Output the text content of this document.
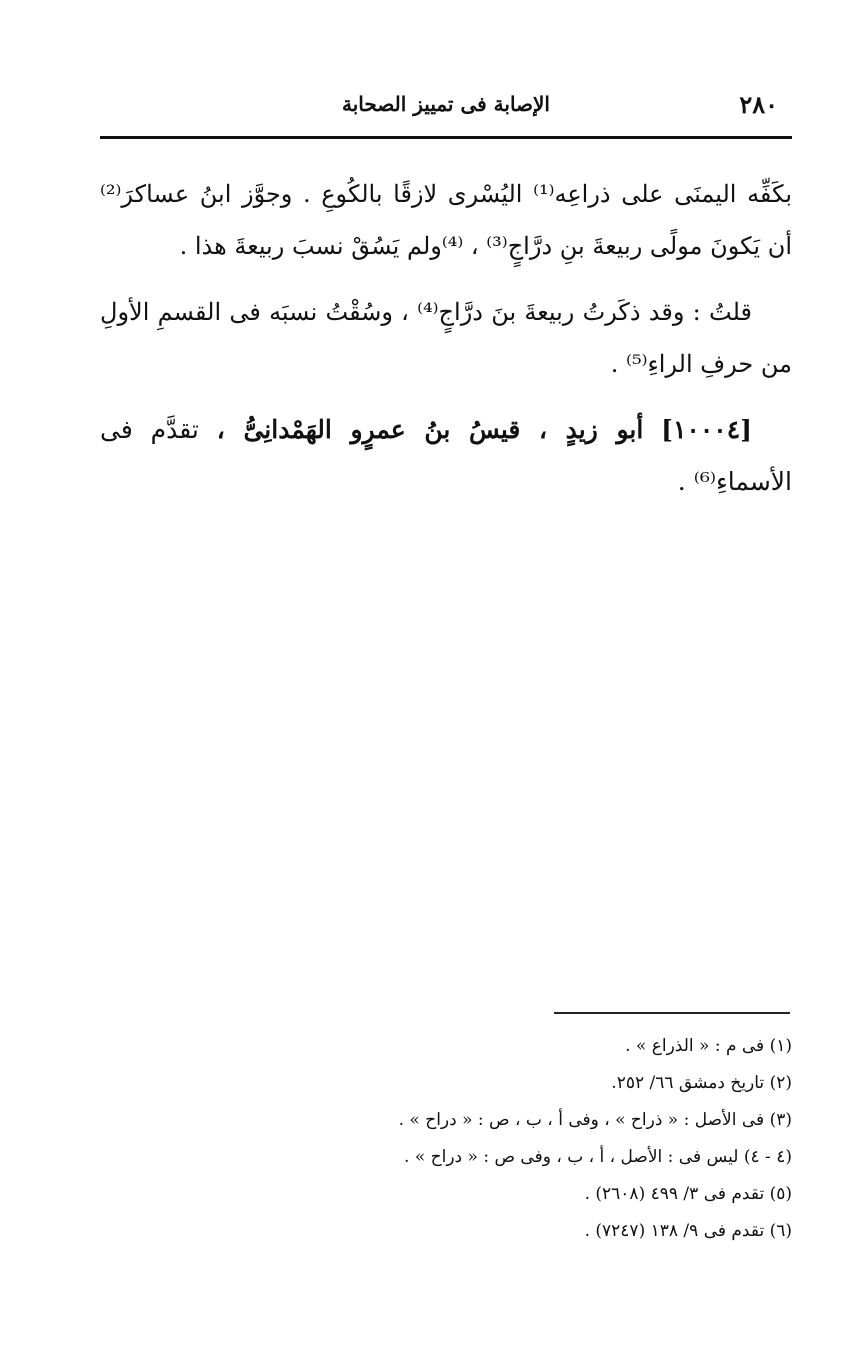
٢٨٠
الإصابة فى تمييز الصحابة

بكَفِّه اليمنَى على ذراعِه⁽¹⁾ اليُسْرى لازقًا بالكُوعِ . وجوَّز ابنُ عساكرَ⁽²⁾ أن يَكونَ مولًى ربيعةَ بنِ درَّاجٍ⁽³⁾ ، ⁽⁴⁾ولم يَسُقْ نسبَ ربيعةَ هذا .

قلتُ : وقد ذكَرتُ ربيعةَ بنَ درَّاجٍ⁽⁴⁾ ، وسُقْتُ نسبَه فى القسمِ الأولِ من حرفِ الراءِ⁽⁵⁾ .

[١٠٠٠٤] أبو زيدٍ ، قيسُ بنُ عمرٍو الهَمْدانِىُّ ، تقدَّم فى الأسماءِ⁽⁶⁾ .

(١) فى م : « الذراع » .
(٢) تاريخ دمشق ٦٦/ ٢٥٢.
(٣) فى الأصل : « ذراح » ، وفى أ ، ب ، ص : « دراح » .
(٤ - ٤) ليس فى : الأصل ، أ ، ب ، وفى ص : « دراح » .
(٥) تقدم فى ٣/ ٤٩٩ (٢٦٠٨) .
(٦) تقدم فى ٩/ ١٣٨ (٧٢٤٧) .
